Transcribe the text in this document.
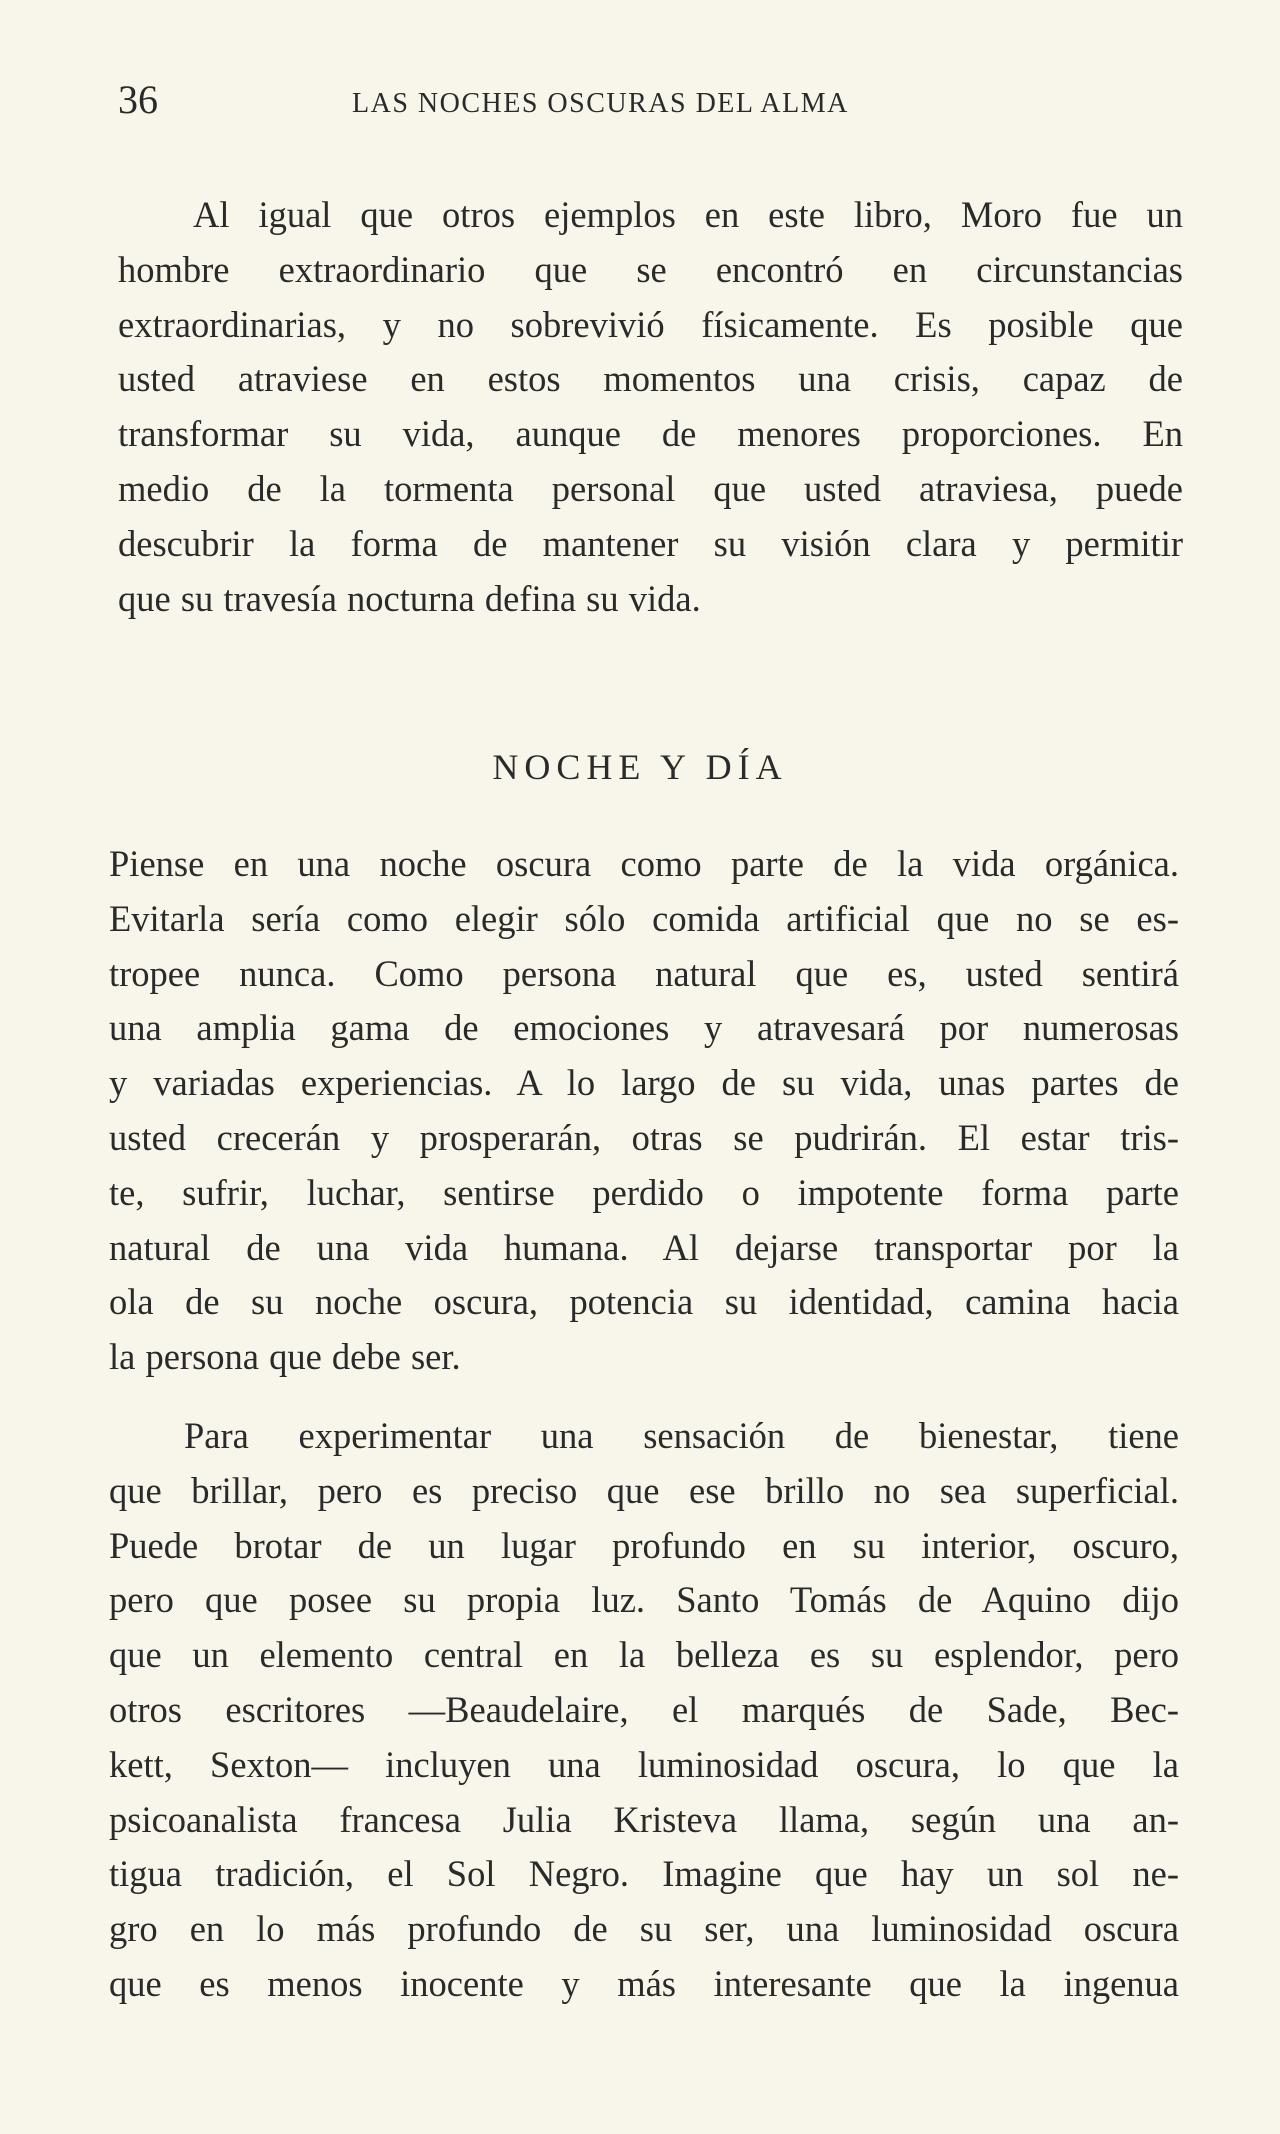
36	LAS NOCHES OSCURAS DEL ALMA
Al igual que otros ejemplos en este libro, Moro fue un
hombre extraordinario que se encontró en circunstancias
extraordinarias, y no sobrevivió físicamente. Es posible que
usted atraviese en estos momentos una crisis, capaz de
transformar su vida, aunque de menores proporciones. En
medio de la tormenta personal que usted atraviesa, puede
descubrir la forma de mantener su visión clara y permitir
que su travesía nocturna defina su vida.
NOCHE Y DÍA
Piense en una noche oscura como parte de la vida orgánica.
Evitarla sería como elegir sólo comida artificial que no se es-
tropee nunca. Como persona natural que es, usted sentirá
una amplia gama de emociones y atravesará por numerosas
y variadas experiencias. A lo largo de su vida, unas partes de
usted crecerán y prosperarán, otras se pudrirán. El estar tris-
te, sufrir, luchar, sentirse perdido o impotente forma parte
natural de una vida humana. Al dejarse transportar por la
ola de su noche oscura, potencia su identidad, camina hacia
la persona que debe ser.
Para experimentar una sensación de bienestar, tiene
que brillar, pero es preciso que ese brillo no sea superficial.
Puede brotar de un lugar profundo en su interior, oscuro,
pero que posee su propia luz. Santo Tomás de Aquino dijo
que un elemento central en la belleza es su esplendor, pero
otros escritores —Beaudelaire, el marqués de Sade, Bec-
kett, Sexton— incluyen una luminosidad oscura, lo que la
psicoanalista francesa Julia Kristeva llama, según una an-
tigua tradición, el Sol Negro. Imagine que hay un sol ne-
gro en lo más profundo de su ser, una luminosidad oscura
que es menos inocente y más interesante que la ingenua
